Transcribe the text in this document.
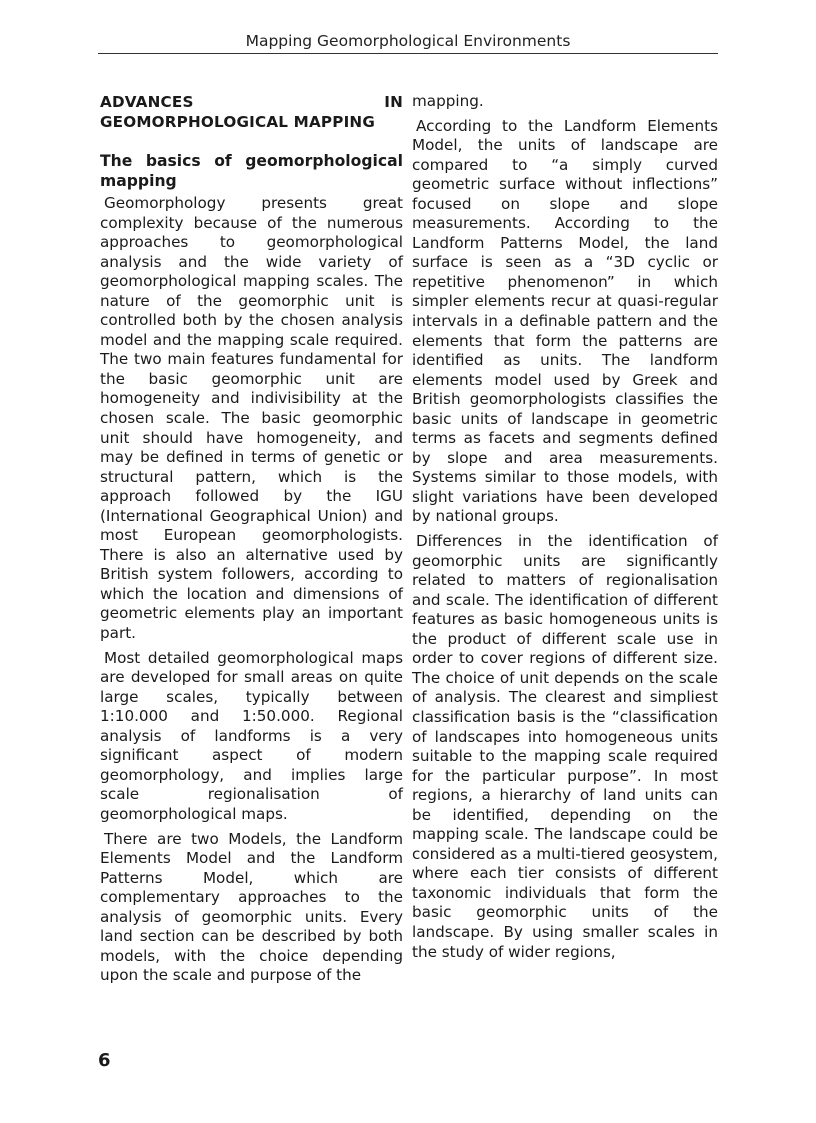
Mapping Geomorphological Environments
ADVANCES IN GEOMORPHOLOGICAL MAPPING
The basics of geomorphological mapping

Geomorphology presents great complexity because of the numerous approaches to geomorphological analysis and the wide variety of geomorphological mapping scales. The nature of the geomorphic unit is controlled both by the chosen analysis model and the mapping scale required. The two main features fundamental for the basic geomorphic unit are homogeneity and indivisibility at the chosen scale. The basic geomorphic unit should have homogeneity, and may be defined in terms of genetic or structural pattern, which is the approach followed by the IGU (International Geographical Union) and most European geomorphologists. There is also an alternative used by British system followers, according to which the location and dimensions of geometric elements play an important part.

Most detailed geomorphological maps are developed for small areas on quite large scales, typically between 1:10.000 and 1:50.000. Regional analysis of landforms is a very significant aspect of modern geomorphology, and implies large scale regionalisation of geomorphological maps.

There are two Models, the Landform Elements Model and the Landform Patterns Model, which are complementary approaches to the analysis of geomorphic units. Every land section can be described by both models, with the choice depending upon the scale and purpose of the

mapping.

According to the Landform Elements Model, the units of landscape are compared to “a simply curved geometric surface without inflections” focused on slope and slope measurements. According to the Landform Patterns Model, the land surface is seen as a “3D cyclic or repetitive phenomenon” in which simpler elements recur at quasi-regular intervals in a definable pattern and the elements that form the patterns are identified as units. The landform elements model used by Greek and British geomorphologists classifies the basic units of landscape in geometric terms as facets and segments defined by slope and area measurements. Systems similar to those models, with slight variations have been developed by national groups.

Differences in the identification of geomorphic units are significantly related to matters of regionalisation and scale. The identification of different features as basic homogeneous units is the product of different scale use in order to cover regions of different size. The choice of unit depends on the scale of analysis. The clearest and simpliest classification basis is the “classification of landscapes into homogeneous units suitable to the mapping scale required for the particular purpose”. In most regions, a hierarchy of land units can be identified, depending on the mapping scale. The landscape could be considered as a multi-tiered geosystem, where each tier consists of different taxonomic individuals that form the basic geomorphic units of the landscape. By using smaller scales in the study of wider regions,

6
